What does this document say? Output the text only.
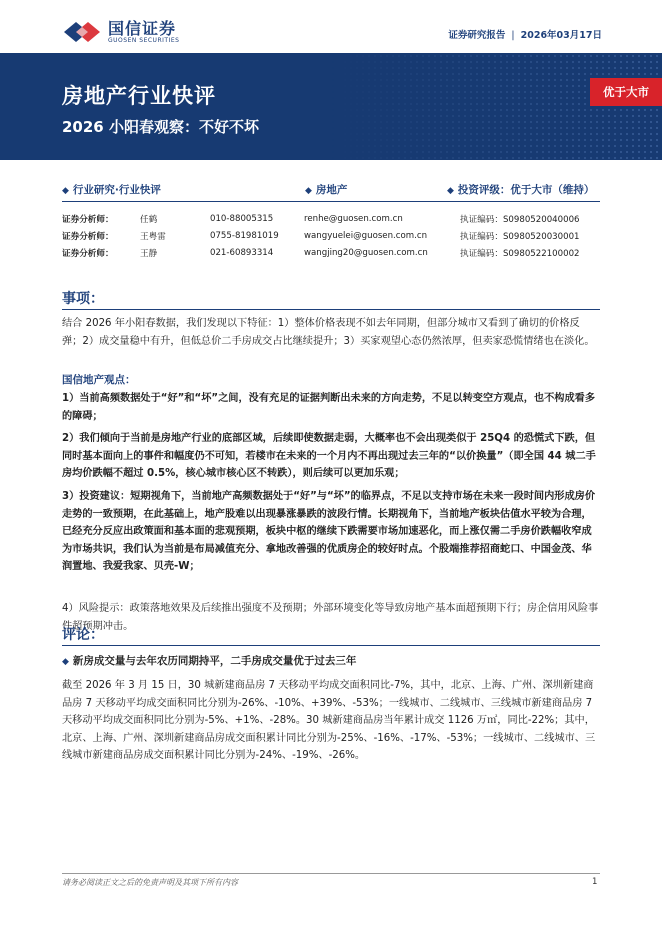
国信证券
GUOSEN SECURITIES	证券研究报告 | 2026年03月17日
房地产行业快评
2026 小阳春观察：不好不坏
优于大市
◆ 行业研究·行业快评	◆ 房地产	◆ 投资评级：优于大市（维持）
证券分析师：	任鹤	010-88005315	renhe@guosen.com.cn	执证编码：S0980520040006
证券分析师：	王粤雷	0755-81981019	wangyuelei@guosen.com.cn	执证编码：S0980520030001
证券分析师：	王静	021-60893314	wangjing20@guosen.com.cn	执证编码：S0980522100002
事项：

结合 2026 年小阳春数据，我们发现以下特征：1）整体价格表现不如去年同期，但部分城市又看到了确切的价格反弹；2）成交量稳中有升，但低总价二手房成交占比继续提升；3）买家观望心态仍然浓厚，但卖家恐慌情绪也在淡化。

国信地产观点：

1）当前高频数据处于“好”和“坏”之间，没有充足的证据判断出未来的方向走势，不足以转变空方观点，也不构成看多的障碍；

2）我们倾向于当前是房地产行业的底部区域，后续即使数据走弱，大概率也不会出现类似于 25Q4 的恐慌式下跌，但同时基本面向上的事件和幅度仍不可知，若楼市在未来的一个月内不再出现过去三年的“以价换量”（即全国 44 城二手房均价跌幅不超过 0.5%，核心城市核心区不转跌），则后续可以更加乐观；

3）投资建议：短期视角下，当前地产高频数据处于“好”与“坏”的临界点，不足以支持市场在未来一段时间内形成房价走势的一致预期，在此基础上，地产股难以出现暴涨暴跌的波段行情。长期视角下，当前地产板块估值水平较为合理，已经充分反应出政策面和基本面的悲观预期，板块中枢的继续下跌需要市场加速恶化，而上涨仅需二手房价跌幅收窄成为市场共识，我们认为当前是布局减值充分、拿地改善强的优质房企的较好时点。个股端推荐招商蛇口、中国金茂、华润置地、我爱我家、贝壳-W；

4）风险提示：政策落地效果及后续推出强度不及预期；外部环境变化等导致房地产基本面超预期下行；房企信用风险事件超预期冲击。

评论：
◆ 新房成交量与去年农历同期持平，二手房成交量优于过去三年

截至 2026 年 3 月 15 日，30 城新建商品房 7 天移动平均成交面积同比-7%，其中，北京、上海、广州、深圳新建商品房 7 天移动平均成交面积同比分别为-26%、-10%、+39%、-53%；一线城市、二线城市、三线城市新建商品房 7 天移动平均成交面积同比分别为-5%、+1%、-28%。30 城新建商品房当年累计成交 1126 万㎡，同比-22%；其中，北京、上海、广州、深圳新建商品房成交面积累计同比分别为-25%、-16%、-17%、-53%；一线城市、二线城市、三线城市新建商品房成交面积累计同比分别为-24%、-19%、-26%。

请务必阅读正文之后的免责声明及其项下所有内容	1
